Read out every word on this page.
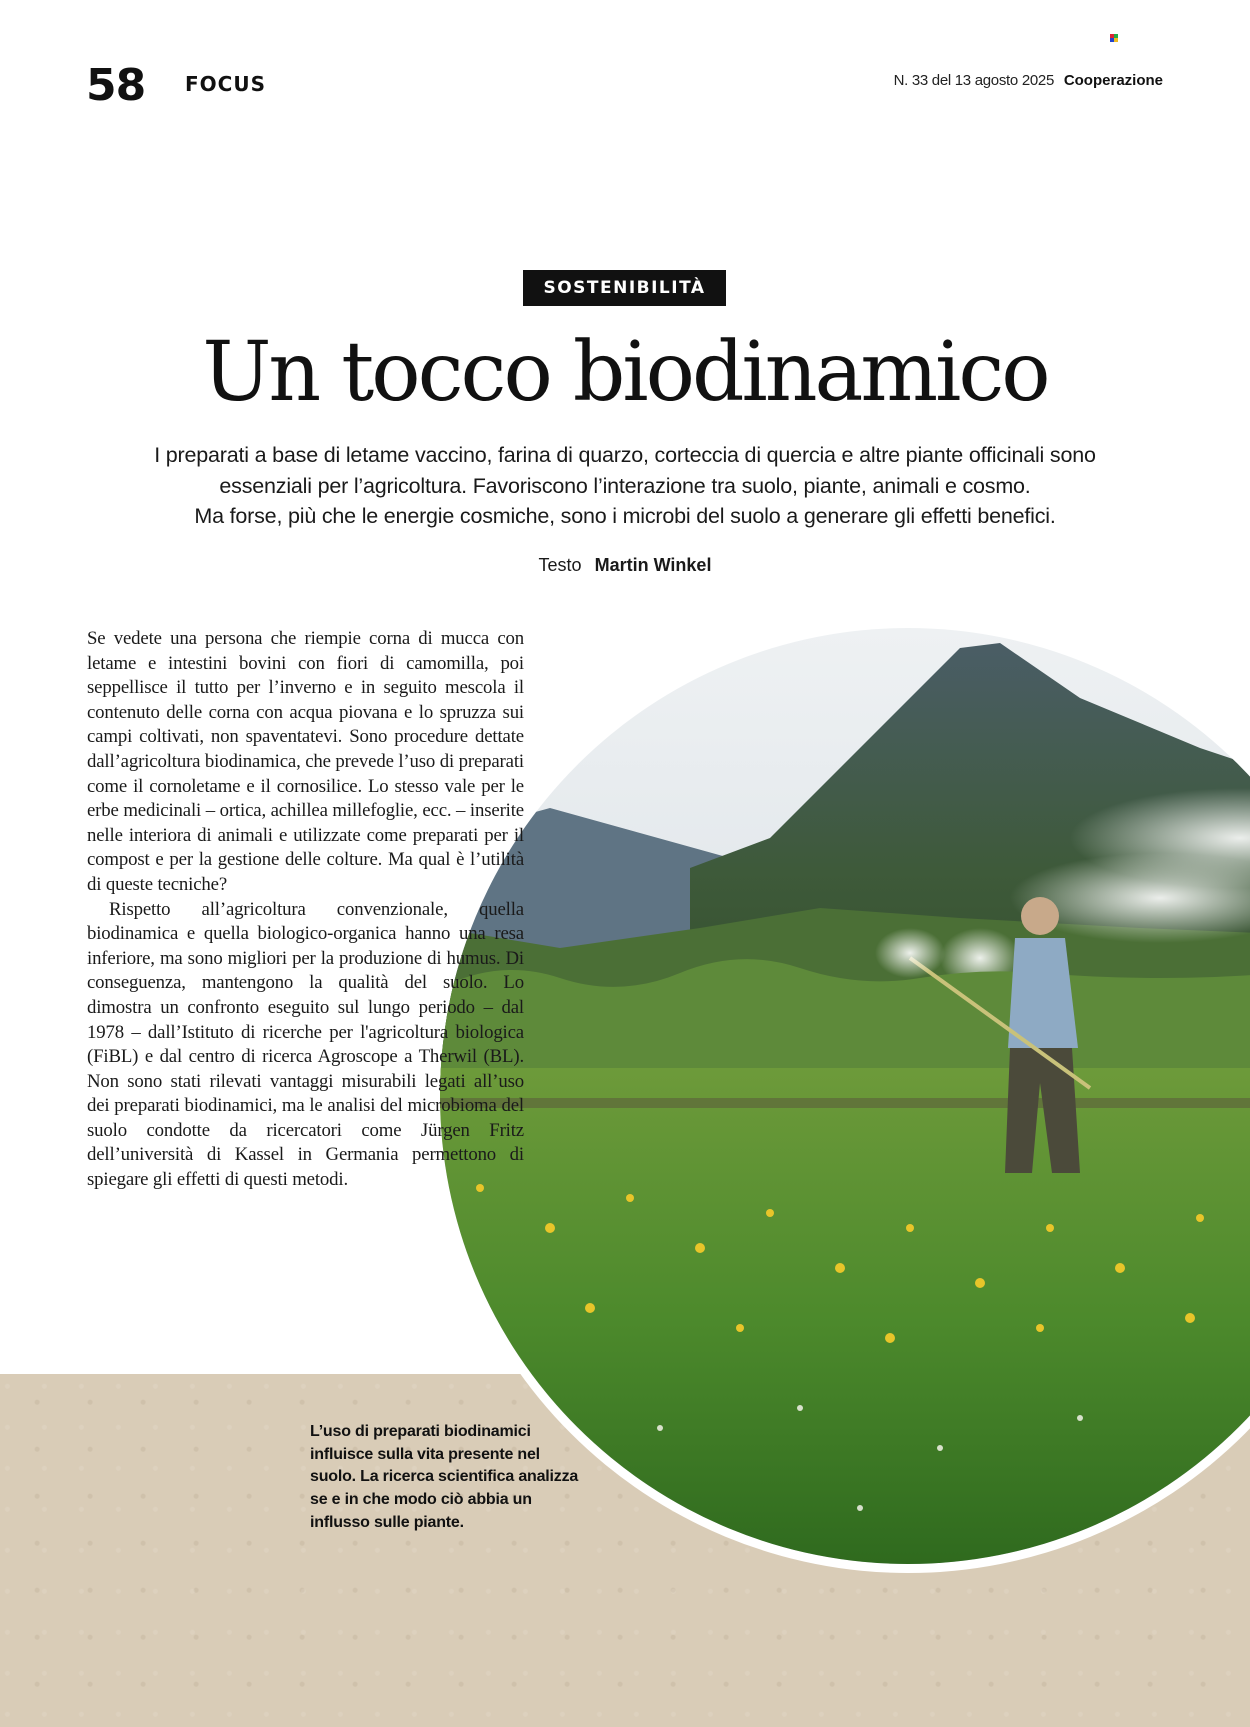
58 FOCUS	N. 33 del 13 agosto 2025 Cooperazione
SOSTENIBILITÀ
Un tocco biodinamico
I preparati a base di letame vaccino, farina di quarzo, corteccia di quercia e altre piante officinali sono
essenziali per l’agricoltura. Favoriscono l’interazione tra suolo, piante, animali e cosmo.
Ma forse, più che le energie cosmiche, sono i microbi del suolo a generare gli effetti benefici.
Testo Martin Winkel

Se vedete una persona che riempie corna di mucca con letame e intestini bovini con fiori di camomilla, poi seppellisce il tutto per l’inverno e in seguito mescola il contenuto delle corna con acqua piovana e lo spruzza sui campi coltivati, non spaventatevi. Sono procedure dettate dall’agricoltura biodinamica, che prevede l’uso di preparati come il cornoletame e il cornosilice. Lo stesso vale per le erbe medicinali – ortica, achillea millefoglie, ecc. – inserite nelle interiora di animali e utilizzate come preparati per il compost e per la gestione delle colture. Ma qual è l’utilità di queste tecniche?

Rispetto all’agricoltura convenzionale, quella biodinamica e quella biologico-organica hanno una resa inferiore, ma sono migliori per la produzione di humus. Di conseguenza, mantengono la qualità del suolo. Lo dimostra un confronto eseguito sul lungo periodo – dal 1978 – dall’Istituto di ricerche per l'agricoltura biologica (FiBL) e dal centro di ricerca Agroscope a Therwil (BL). Non sono stati rilevati vantaggi misurabili legati all’uso dei preparati biodinamici, ma le analisi del microbioma del suolo condotte da ricercatori come Jürgen Fritz dell’università di Kassel in Germania permettono di spiegare gli effetti di questi metodi.

L’uso di preparati biodinamici influisce sulla vita presente nel suolo. La ricerca scientifica analizza se e in che modo ciò abbia un influsso sulle piante.
